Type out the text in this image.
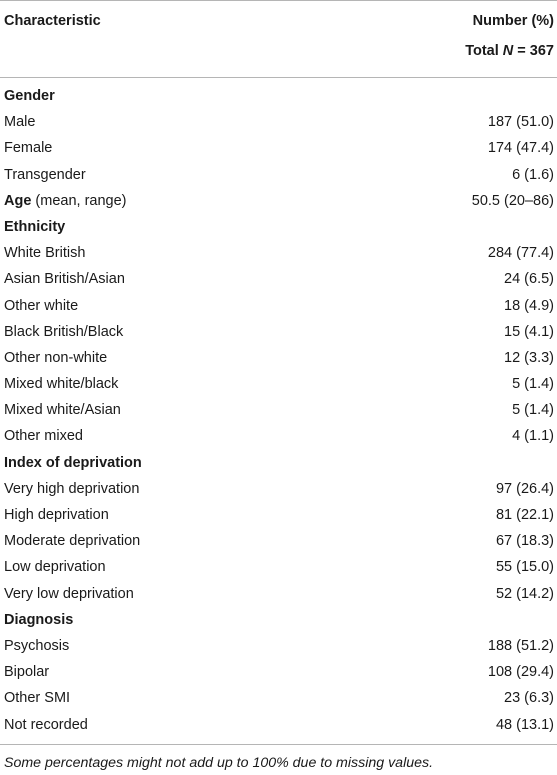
Characteristic	Number (%)
Total N = 367
Gender
Male	187 (51.0)
Female	174 (47.4)
Transgender	6 (1.6)
Age (mean, range)	50.5 (20–86)
Ethnicity
White British	284 (77.4)
Asian British/Asian	24 (6.5)
Other white	18 (4.9)
Black British/Black	15 (4.1)
Other non-white	12 (3.3)
Mixed white/black	5 (1.4)
Mixed white/Asian	5 (1.4)
Other mixed	4 (1.1)
Index of deprivation
Very high deprivation	97 (26.4)
High deprivation	81 (22.1)
Moderate deprivation	67 (18.3)
Low deprivation	55 (15.0)
Very low deprivation	52 (14.2)
Diagnosis
Psychosis	188 (51.2)
Bipolar	108 (29.4)
Other SMI	23 (6.3)
Not recorded	48 (13.1)
Some percentages might not add up to 100% due to missing values.
